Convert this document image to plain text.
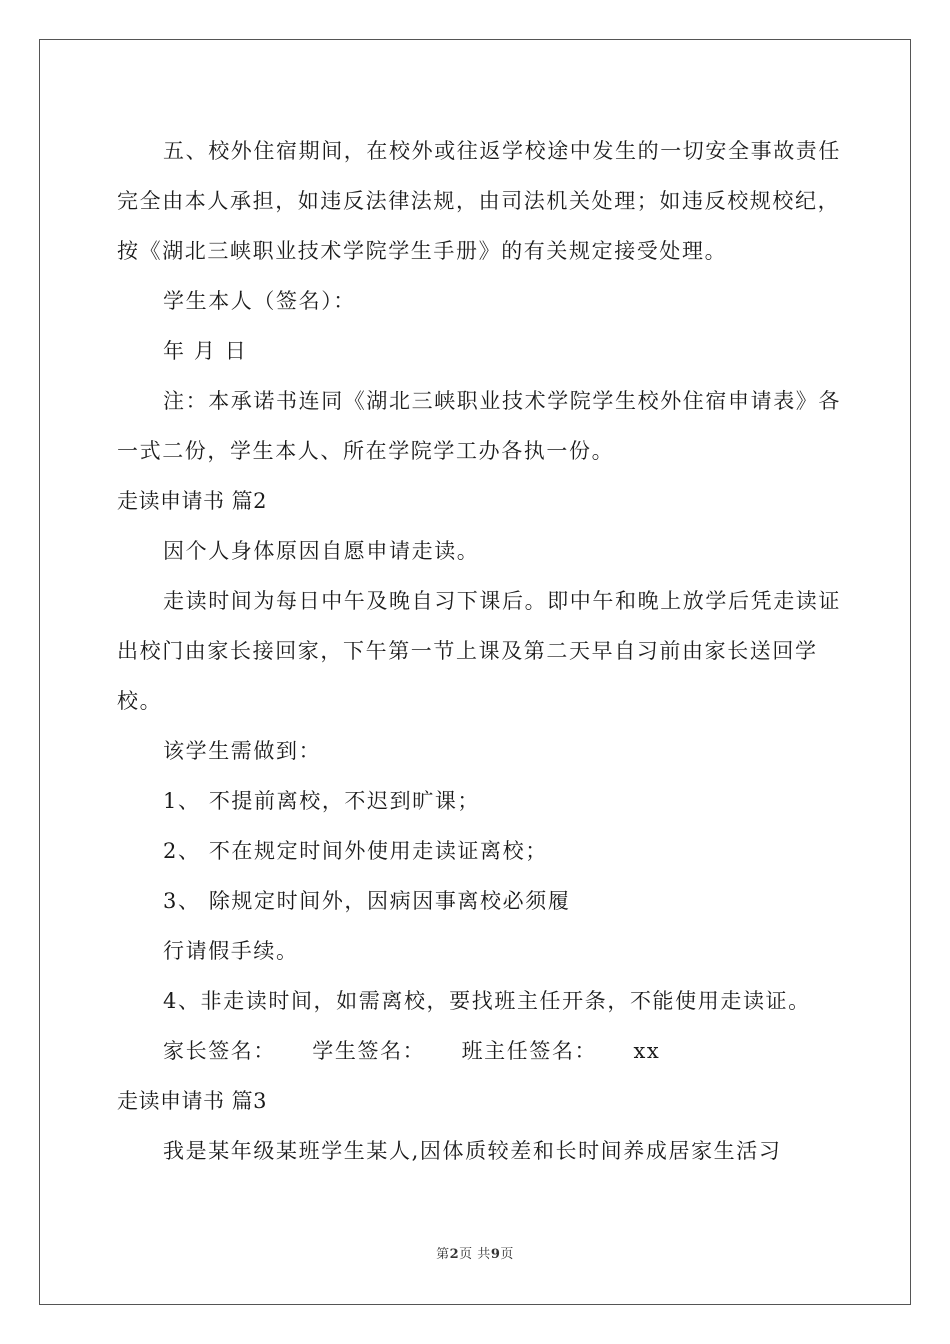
五、校外住宿期间，在校外或往返学校途中发生的一切安全事故责任完全由本人承担，如违反法律法规，由司法机关处理；如违反校规校纪，按《湖北三峡职业技术学院学生手册》的有关规定接受处理。

学生本人（签名）：

年 月 日

注：本承诺书连同《湖北三峡职业技术学院学生校外住宿申请表》各一式二份，学生本人、所在学院学工办各执一份。

走读申请书 篇2

因个人身体原因自愿申请走读。

走读时间为每日中午及晚自习下课后。即中午和晚上放学后凭走读证出校门由家长接回家，下午第一节上课及第二天早自习前由家长送回学校。

该学生需做到：

1、 不提前离校，不迟到旷课；

2、 不在规定时间外使用走读证离校；

3、 除规定时间外，因病因事离校必须履

行请假手续。

4、非走读时间，如需离校，要找班主任开条，不能使用走读证。

家长签名： 学生签名： 班主任签名： xx

走读申请书 篇3

我是某年级某班学生某人,因体质较差和长时间养成居家生活习

第2页 共9页
